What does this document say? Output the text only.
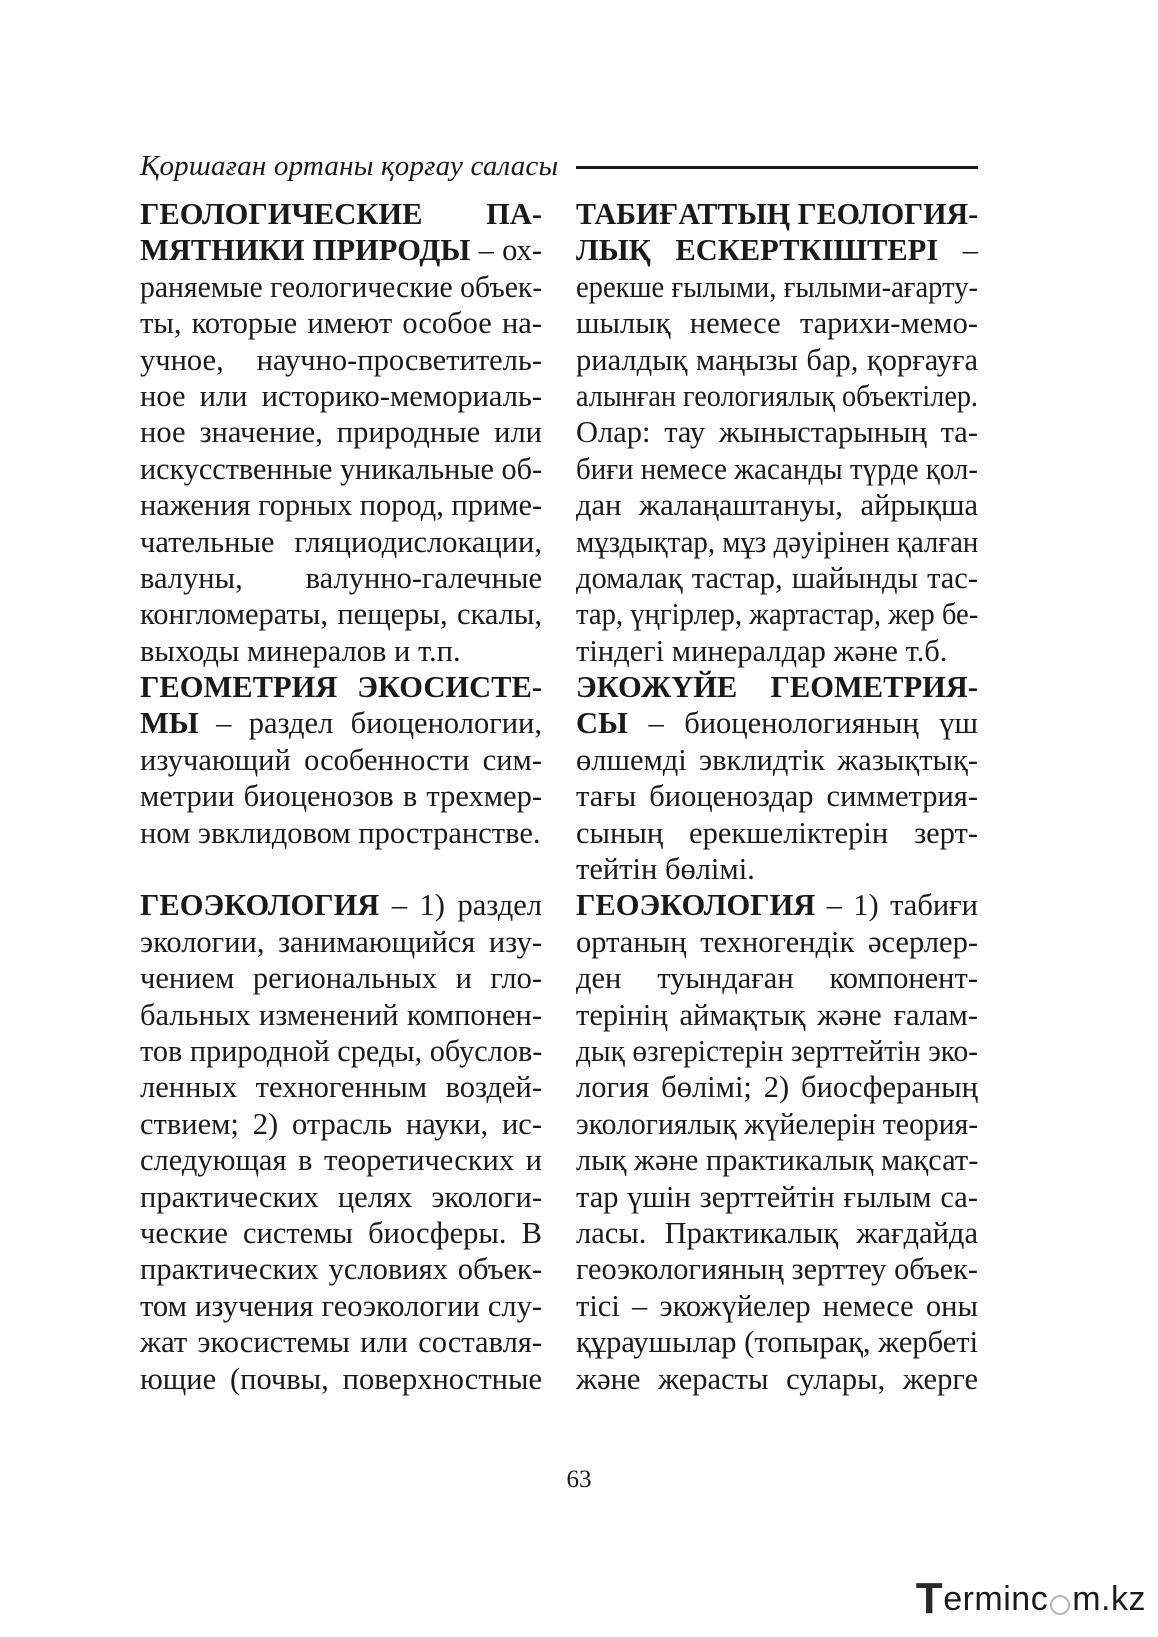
Қоршаған ортаны қорғау саласы
ГЕОЛОГИЧЕСКИЕ ПА-
МЯТНИКИ ПРИРОДЫ – ох-
раняемые геологические объек-
ты, которые имеют особое на-
учное, научно-просветитель-
ное или историко-мемориаль-
ное значение, природные или
искусственные уникальные об-
нажения горных пород, приме-
чательные гляциодислокации,
валуны, валунно-галечные
конгломераты, пещеры, скалы,
выходы минералов и т.п.
ГЕОМЕТРИЯ ЭКОСИСТЕ-
МЫ – раздел биоценологии,
изучающий особенности сим-
метрии биоценозов в трехмер-
ном эвклидовом пространстве.
ГЕОЭКОЛОГИЯ – 1) раздел
экологии, занимающийся изу-
чением региональных и гло-
бальных изменений компонен-
тов природной среды, обуслов-
ленных техногенным воздей-
ствием; 2) отрасль науки, ис-
следующая в теоретических и
практических целях экологи-
ческие системы биосферы. В
практических условиях объек-
том изучения геоэкологии слу-
жат экосистемы или составля-
ющие (почвы, поверхностные
ТАБИҒАТТЫҢ ГЕОЛОГИЯ-
ЛЫҚ ЕСКЕРТКІШТЕРІ –
ерекше ғылыми, ғылыми-ағарту-
шылық немесе тарихи-мемо-
риалдық маңызы бар, қорғауға
алынған геологиялық объектілер.
Олар: тау жыныстарының та-
биғи немесе жасанды түрде қол-
дан жалаңаштануы, айрықша
мұздықтар, мұз дәуірінен қалған
домалақ тастар, шайынды тас-
тар, үңгірлер, жартастар, жер бе-
тіндегі минералдар және т.б.
ЭКОЖҮЙЕ ГЕОМЕТРИЯ-
СЫ – биоценологияның үш
өлшемді эвклидтік жазықтық-
тағы биоценоздар симметрия-
сының ерекшеліктерін зерт-
тейтін бөлімі.
ГЕОЭКОЛОГИЯ – 1) табиғи
ортаның техногендік әсерлер-
ден туындаған компонент-
терінің аймақтық және ғалам-
дық өзгерістерін зерттейтін эко-
логия бөлімі; 2) биосфераның
экологиялық жүйелерін теория-
лық және практикалық мақсат-
тар үшін зерттейтін ғылым са-
ласы. Практикалық жағдайда
геоэкологияның зерттеу объек-
тісі – экожүйелер немесе оны
құраушылар (топырақ, жербеті
және жерасты сулары, жерге
63
T erminc m.kz
